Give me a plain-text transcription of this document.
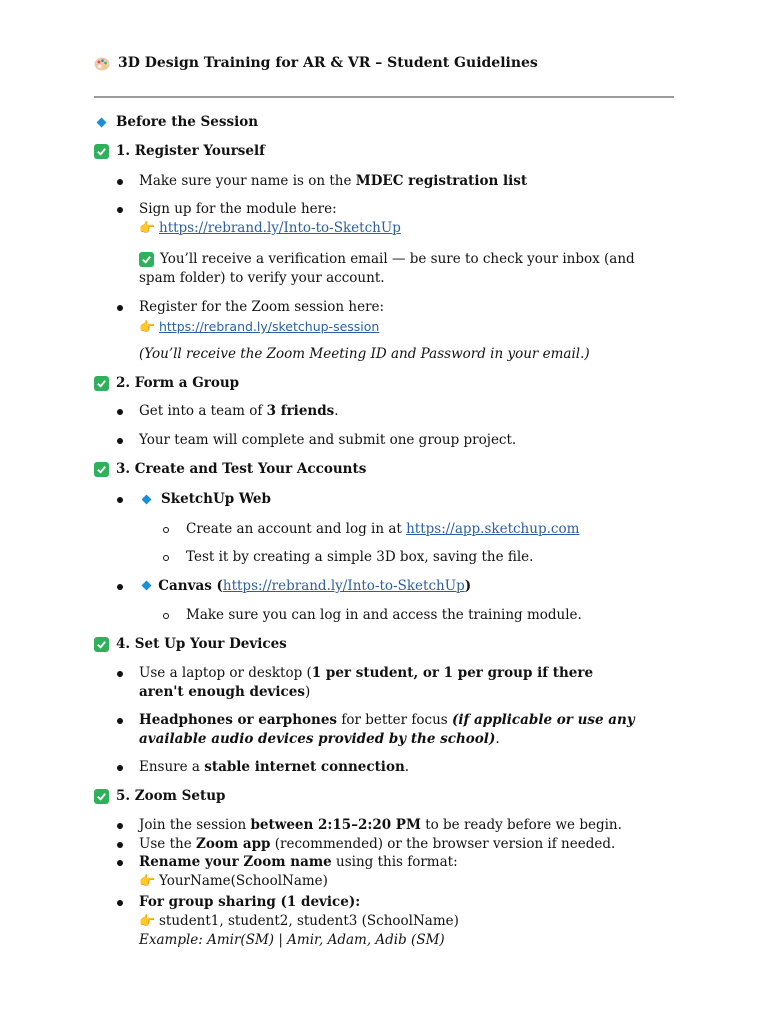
3D Design Training for AR & VR – Student Guidelines
Before the Session
1. Register Yourself
Make sure your name is on the MDEC registration list
Sign up for the module here:
👉 https://rebrand.ly/Into-to-SketchUp
You’ll receive a verification email — be sure to check your inbox (and spam folder) to verify your account.
Register for the Zoom session here:
👉 https://rebrand.ly/sketchup-session
(You’ll receive the Zoom Meeting ID and Password in your email.)
2. Form a Group
Get into a team of 3 friends.
Your team will complete and submit one group project.
3. Create and Test Your Accounts
SketchUp Web
Create an account and log in at https://app.sketchup.com
Test it by creating a simple 3D box, saving the file.
Canvas (https://rebrand.ly/Into-to-SketchUp)
Make sure you can log in and access the training module.
4. Set Up Your Devices
Use a laptop or desktop (1 per student, or 1 per group if there aren't enough devices)
Headphones or earphones for better focus (if applicable or use any available audio devices provided by the school).
Ensure a stable internet connection.
5. Zoom Setup
Join the session between 2:15–2:20 PM to be ready before we begin.
Use the Zoom app (recommended) or the browser version if needed.
Rename your Zoom name using this format:
👉 YourName(SchoolName)
For group sharing (1 device):
👉 student1, student2, student3 (SchoolName)
Example: Amir(SM) | Amir, Adam, Adib (SM)
